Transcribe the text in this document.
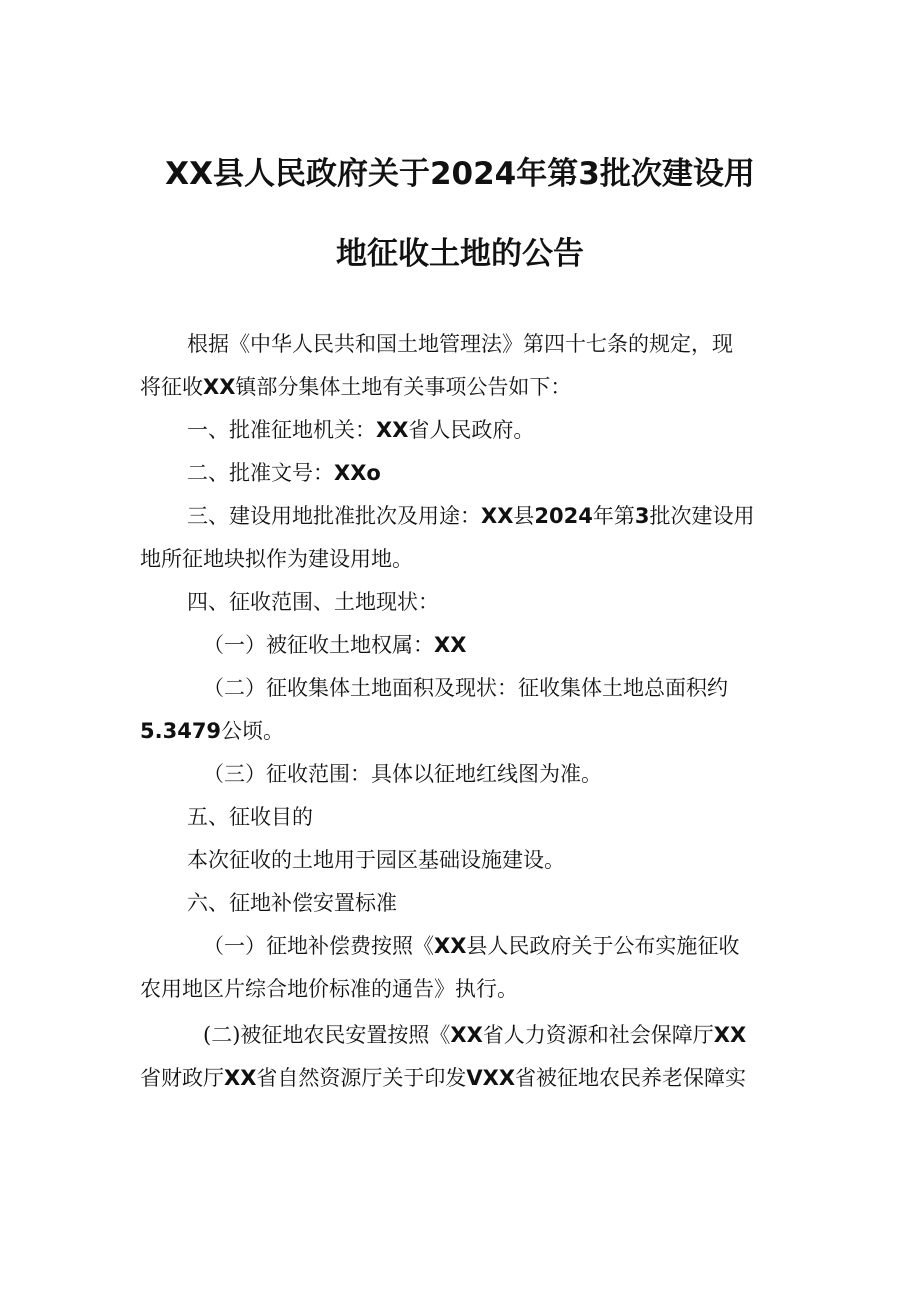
XX县人民政府关于2024年第3批次建设用
地征收土地的公告
根据《中华人民共和国土地管理法》第四十七条的规定，现
将征收XX镇部分集体土地有关事项公告如下：
一、批准征地机关：XX省人民政府。
二、批准文号：XXo
三、建设用地批准批次及用途：XX县2024年第3批次建设用
地所征地块拟作为建设用地。
四、征收范围、土地现状：
（一）被征收土地权属：XX
（二）征收集体土地面积及现状：征收集体土地总面积约
5.3479公顷。
（三）征收范围：具体以征地红线图为准。
五、征收目的
本次征收的土地用于园区基础设施建设。
六、征地补偿安置标准
（一）征地补偿费按照《XX县人民政府关于公布实施征收
农用地区片综合地价标准的通告》执行。
(二)被征地农民安置按照《XX省人力资源和社会保障厅XX
省财政厅XX省自然资源厅关于印发VXX省被征地农民养老保障实
